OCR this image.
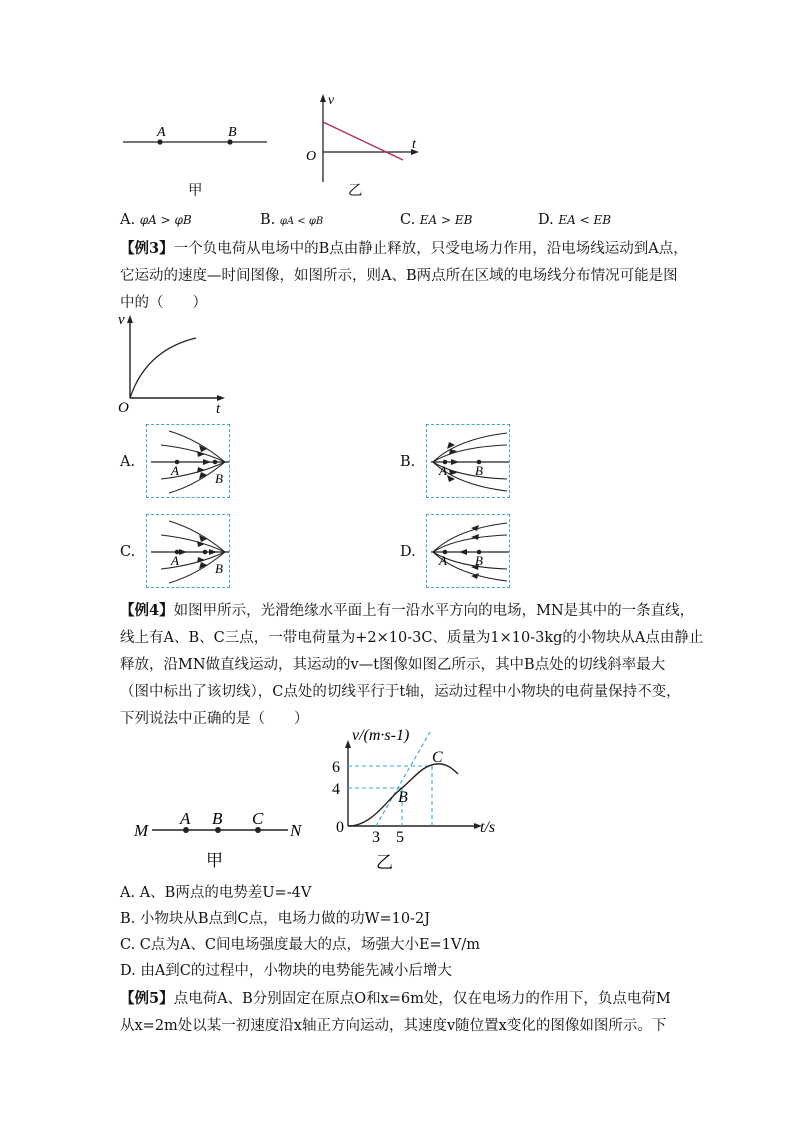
A	B
甲
v
t
O
乙
A. φA > φB	B. φA < φB	C. EA > EB	D. EA < EB
【例3】一个负电荷从电场中的B点由静止释放，只受电场力作用，沿电场线运动到A点，
它运动的速度—时间图像，如图所示，则A、B两点所在区域的电场线分布情况可能是图
中的（　　）
v
t
O
A.
A
B
B.
A B
C.
A
B
D.
A B
【例4】如图甲所示，光滑绝缘水平面上有一沿水平方向的电场，MN是其中的一条直线，
线上有A、B、C三点，一带电荷量为+2×10-3C、质量为1×10-3kg的小物块从A点由静止
释放，沿MN做直线运动，其运动的v—t图像如图乙所示，其中B点处的切线斜率最大
（图中标出了该切线），C点处的切线平行于t轴，运动过程中小物块的电荷量保持不变，
下列说法中正确的是（　　）
M
A B C
N
甲
v/(m·s-1)
t/s
6
4
3 5
0
B
C
乙
A. A、B两点的电势差U=-4V
B. 小物块从B点到C点，电场力做的功W=10-2J
C. C点为A、C间电场强度最大的点，场强大小E=1V/m
D. 由A到C的过程中，小物块的电势能先减小后增大
【例5】点电荷A、B分别固定在原点O和x=6m处，仅在电场力的作用下，负点电荷M
从x=2m处以某一初速度沿x轴正方向运动，其速度v随位置x变化的图像如图所示。下
